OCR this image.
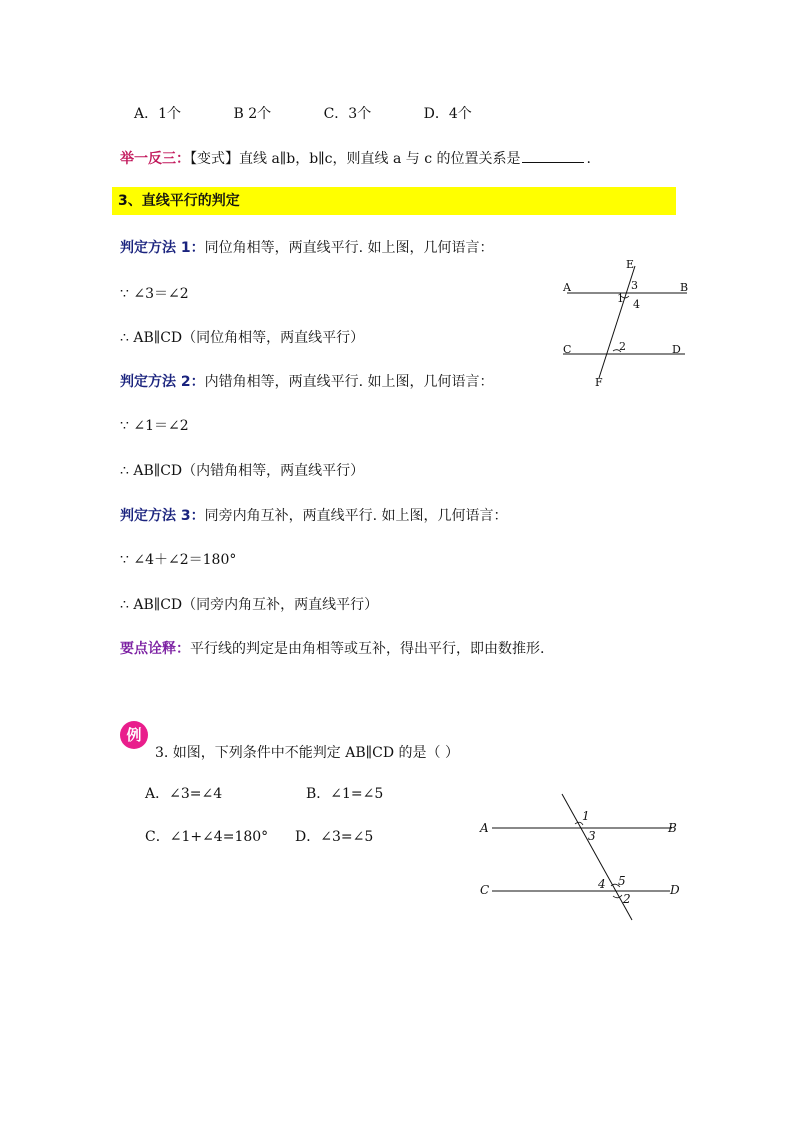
A．1个	B 2个	C．3个	D．4个
举一反三：【变式】直线 a∥b，b∥c，则直线 a 与 c 的位置关系是	.
3、直线平行的判定
判定方法 1：同位角相等，两直线平行. 如上图，几何语言：
∵ ∠3＝∠2
∴ AB∥CD（同位角相等，两直线平行）
判定方法 2：内错角相等，两直线平行. 如上图，几何语言：
∵ ∠1＝∠2
∴ AB∥CD（内错角相等，两直线平行）
判定方法 3：同旁内角互补，两直线平行. 如上图，几何语言：
∵ ∠4＋∠2＝180°
∴ AB∥CD（同旁内角互补，两直线平行）
要点诠释：平行线的判定是由角相等或互补，得出平行，即由数推形.
E
A	B
C	D
F
1
3
4
2
例
3. 如图，下列条件中不能判定 AB∥CD 的是（ ）
A．∠3=∠4	B．∠1=∠5
C．∠1+∠4=180° D．∠3=∠5
A	B
C	D
1
3
4 5
2
